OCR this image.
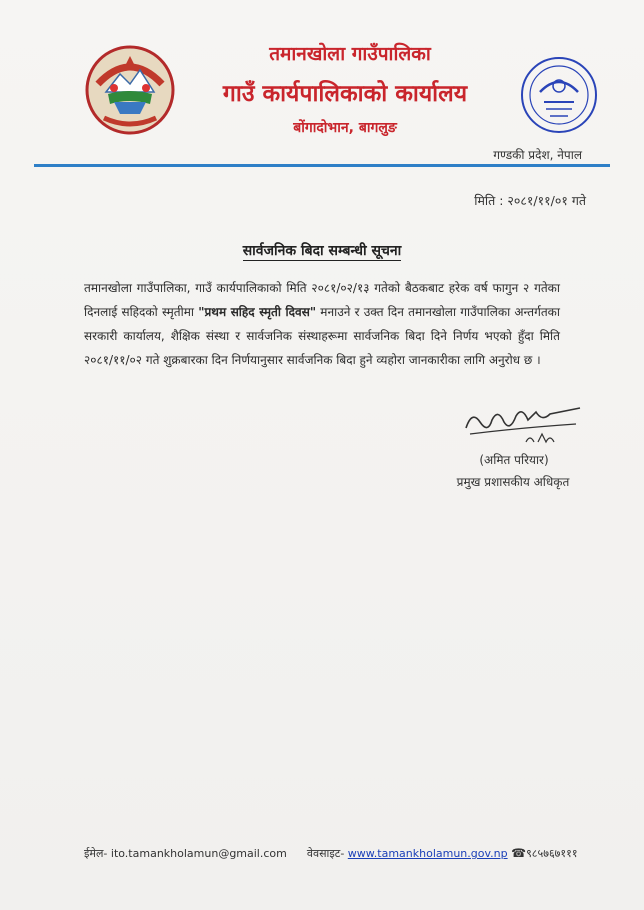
तमानखोला गाउँपालिका
गाउँ कार्यपालिकाको कार्यालय
बोंगादोभान, बागलुङ
गण्डकी प्रदेश, नेपाल
मिति : २०८१/११/०१ गते
सार्वजनिक बिदा सम्बन्धी सूचना
तमानखोला गाउँपालिका, गाउँ कार्यपालिकाको मिति २०८१/०२/१३ गतेको बैठकबाट हरेक वर्ष फागुन २ गतेका दिनलाई सहिदको स्मृतीमा "प्रथम सहिद स्मृती दिवस" मनाउने र उक्त दिन तमानखोला गाउँपालिका अन्तर्गतका सरकारी कार्यालय, शैक्षिक संस्था र सार्वजनिक संस्थाहरूमा सार्वजनिक बिदा दिने निर्णय भएको हुँदा मिति २०८१/११/०२ गते शुक्रबारका दिन निर्णयानुसार सार्वजनिक बिदा हुने व्यहोरा जानकारीका लागि अनुरोध छ ।
(अमित परियार)
प्रमुख प्रशासकीय अधिकृत
ईमेल- ito.tamankholamun@gmail.com वेवसाइट- www.tamankholamun.gov.np ☎९८५७६७१११
